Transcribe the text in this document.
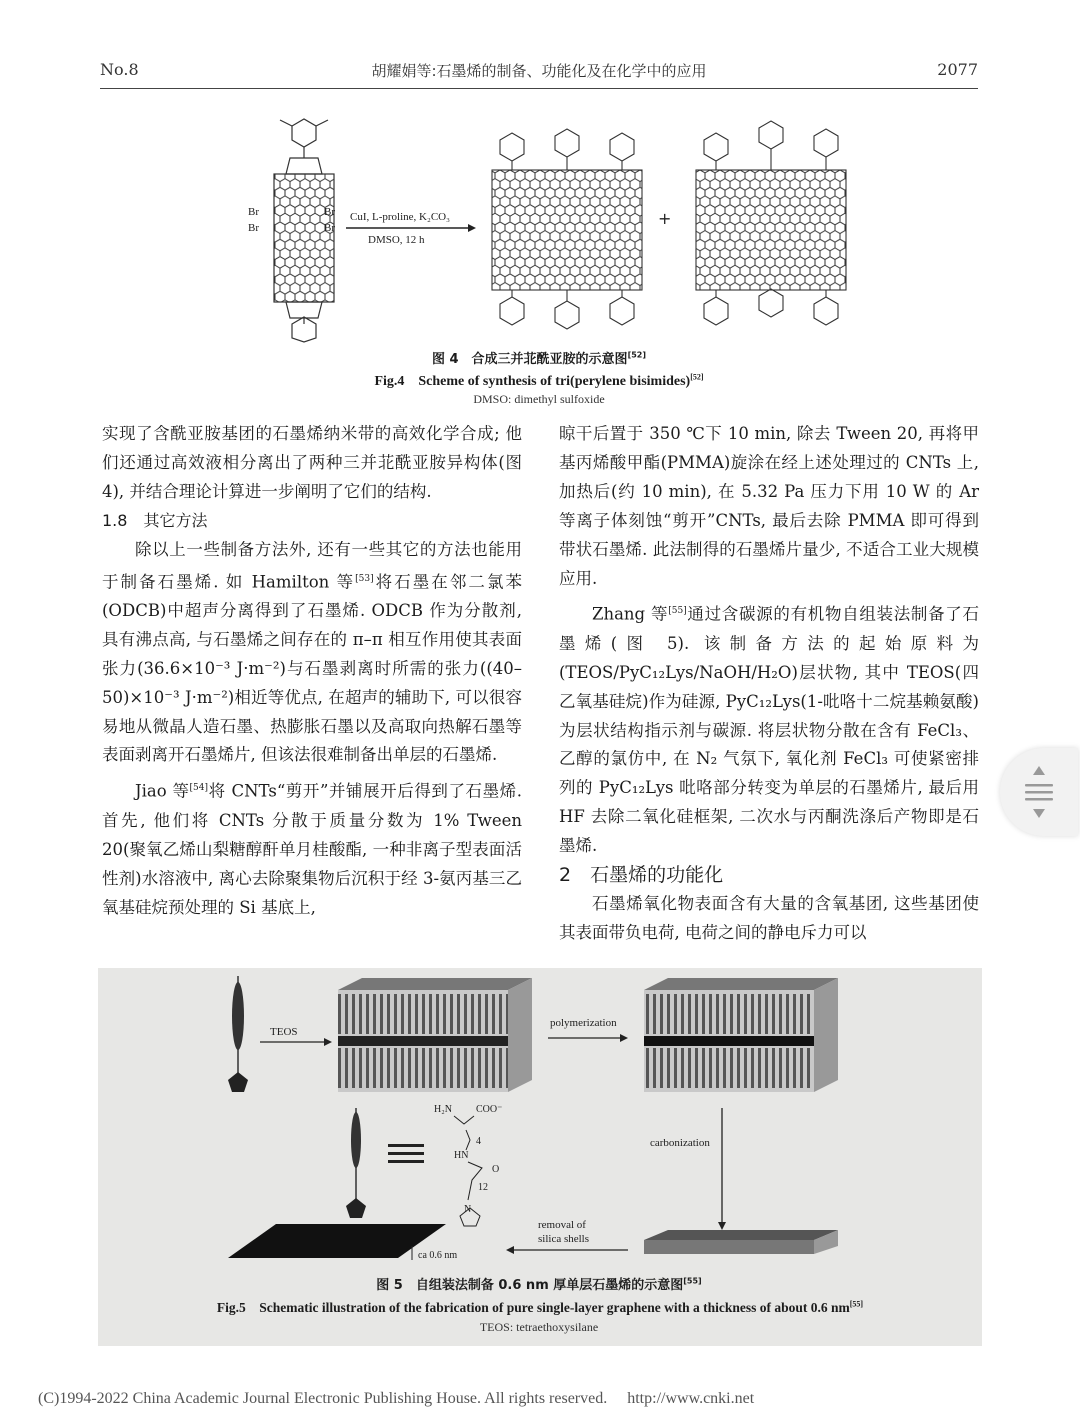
No.8	胡耀娟等:石墨烯的制备、功能化及在化学中的应用	2077
Br	Br
Br	Br
CuI, L-proline, K₂CO₃
DMSO, 12 h
+
图 4　合成三并苝酰亚胺的示意图[52]
Fig.4　Scheme of synthesis of tri(perylene bisimides)[52]
DMSO: dimethyl sulfoxide

实现了含酰亚胺基团的石墨烯纳米带的高效化学合成; 他们还通过高效液相分离出了两种三并苝酰亚胺异构体(图 4), 并结合理论计算进一步阐明了它们的结构.

1.8　其它方法

除以上一些制备方法外, 还有一些其它的方法也能用于制备石墨烯. 如 Hamilton 等[53]将石墨在邻二氯苯(ODCB)中超声分离得到了石墨烯. ODCB 作为分散剂, 具有沸点高, 与石墨烯之间存在的 π–π 相互作用使其表面张力(36.6×10⁻³ J·m⁻²)与石墨剥离时所需的张力((40–50)×10⁻³ J·m⁻²)相近等优点, 在超声的辅助下, 可以很容易地从微晶人造石墨、热膨胀石墨以及高取向热解石墨等表面剥离开石墨烯片, 但该法很难制备出单层的石墨烯.

Jiao 等[54]将 CNTs“剪开”并铺展开后得到了石墨烯. 首先, 他们将 CNTs 分散于质量分数为 1% Tween 20(聚氧乙烯山梨糖醇酐单月桂酸酯, 一种非离子型表面活性剂)水溶液中, 离心去除聚集物后沉积于经 3-氨丙基三乙氧基硅烷预处理的 Si 基底上,

晾干后置于 350 ℃下 10 min, 除去 Tween 20, 再将甲基丙烯酸甲酯(PMMA)旋涂在经上述处理过的 CNTs 上, 加热后(约 10 min), 在 5.32 Pa 压力下用 10 W 的 Ar 等离子体刻蚀“剪开”CNTs, 最后去除 PMMA 即可得到带状石墨烯. 此法制得的石墨烯片量少, 不适合工业大规模应用.

Zhang 等[55]通过含碳源的有机物自组装法制备了石墨烯(图 5). 该制备方法的起始原料为(TEOS/PyC₁₂Lys/NaOH/H₂O)层状物, 其中 TEOS(四乙氧基硅烷)作为硅源, PyC₁₂Lys(1-吡咯十二烷基赖氨酸)为层状结构指示剂与碳源. 将层状物分散在含有 FeCl₃、乙醇的氯仿中, 在 N₂ 气氛下, 氧化剂 FeCl₃ 可使紧密排列的 PyC₁₂Lys 吡咯部分转变为单层的石墨烯片, 最后用 HF 去除二氧化硅框架, 二次水与丙酮洗涤后产物即是石墨烯.

2　石墨烯的功能化

石墨烯氧化物表面含有大量的含氧基团, 这些基团使其表面带负电荷, 电荷之间的静电斥力可以

TEOS
polymerization
H₂N COO⁻
4
HN
O
12
N
carbonization
removal of
silica shells
ca 0.6 nm
图 5　自组装法制备 0.6 nm 厚单层石墨烯的示意图[55]
Fig.5　Schematic illustration of the fabrication of pure single-layer graphene with a thickness of about 0.6 nm[55]
TEOS: tetraethoxysilane
(C)1994-2022 China Academic Journal Electronic Publishing House. All rights reserved.　 http://www.cnki.net
